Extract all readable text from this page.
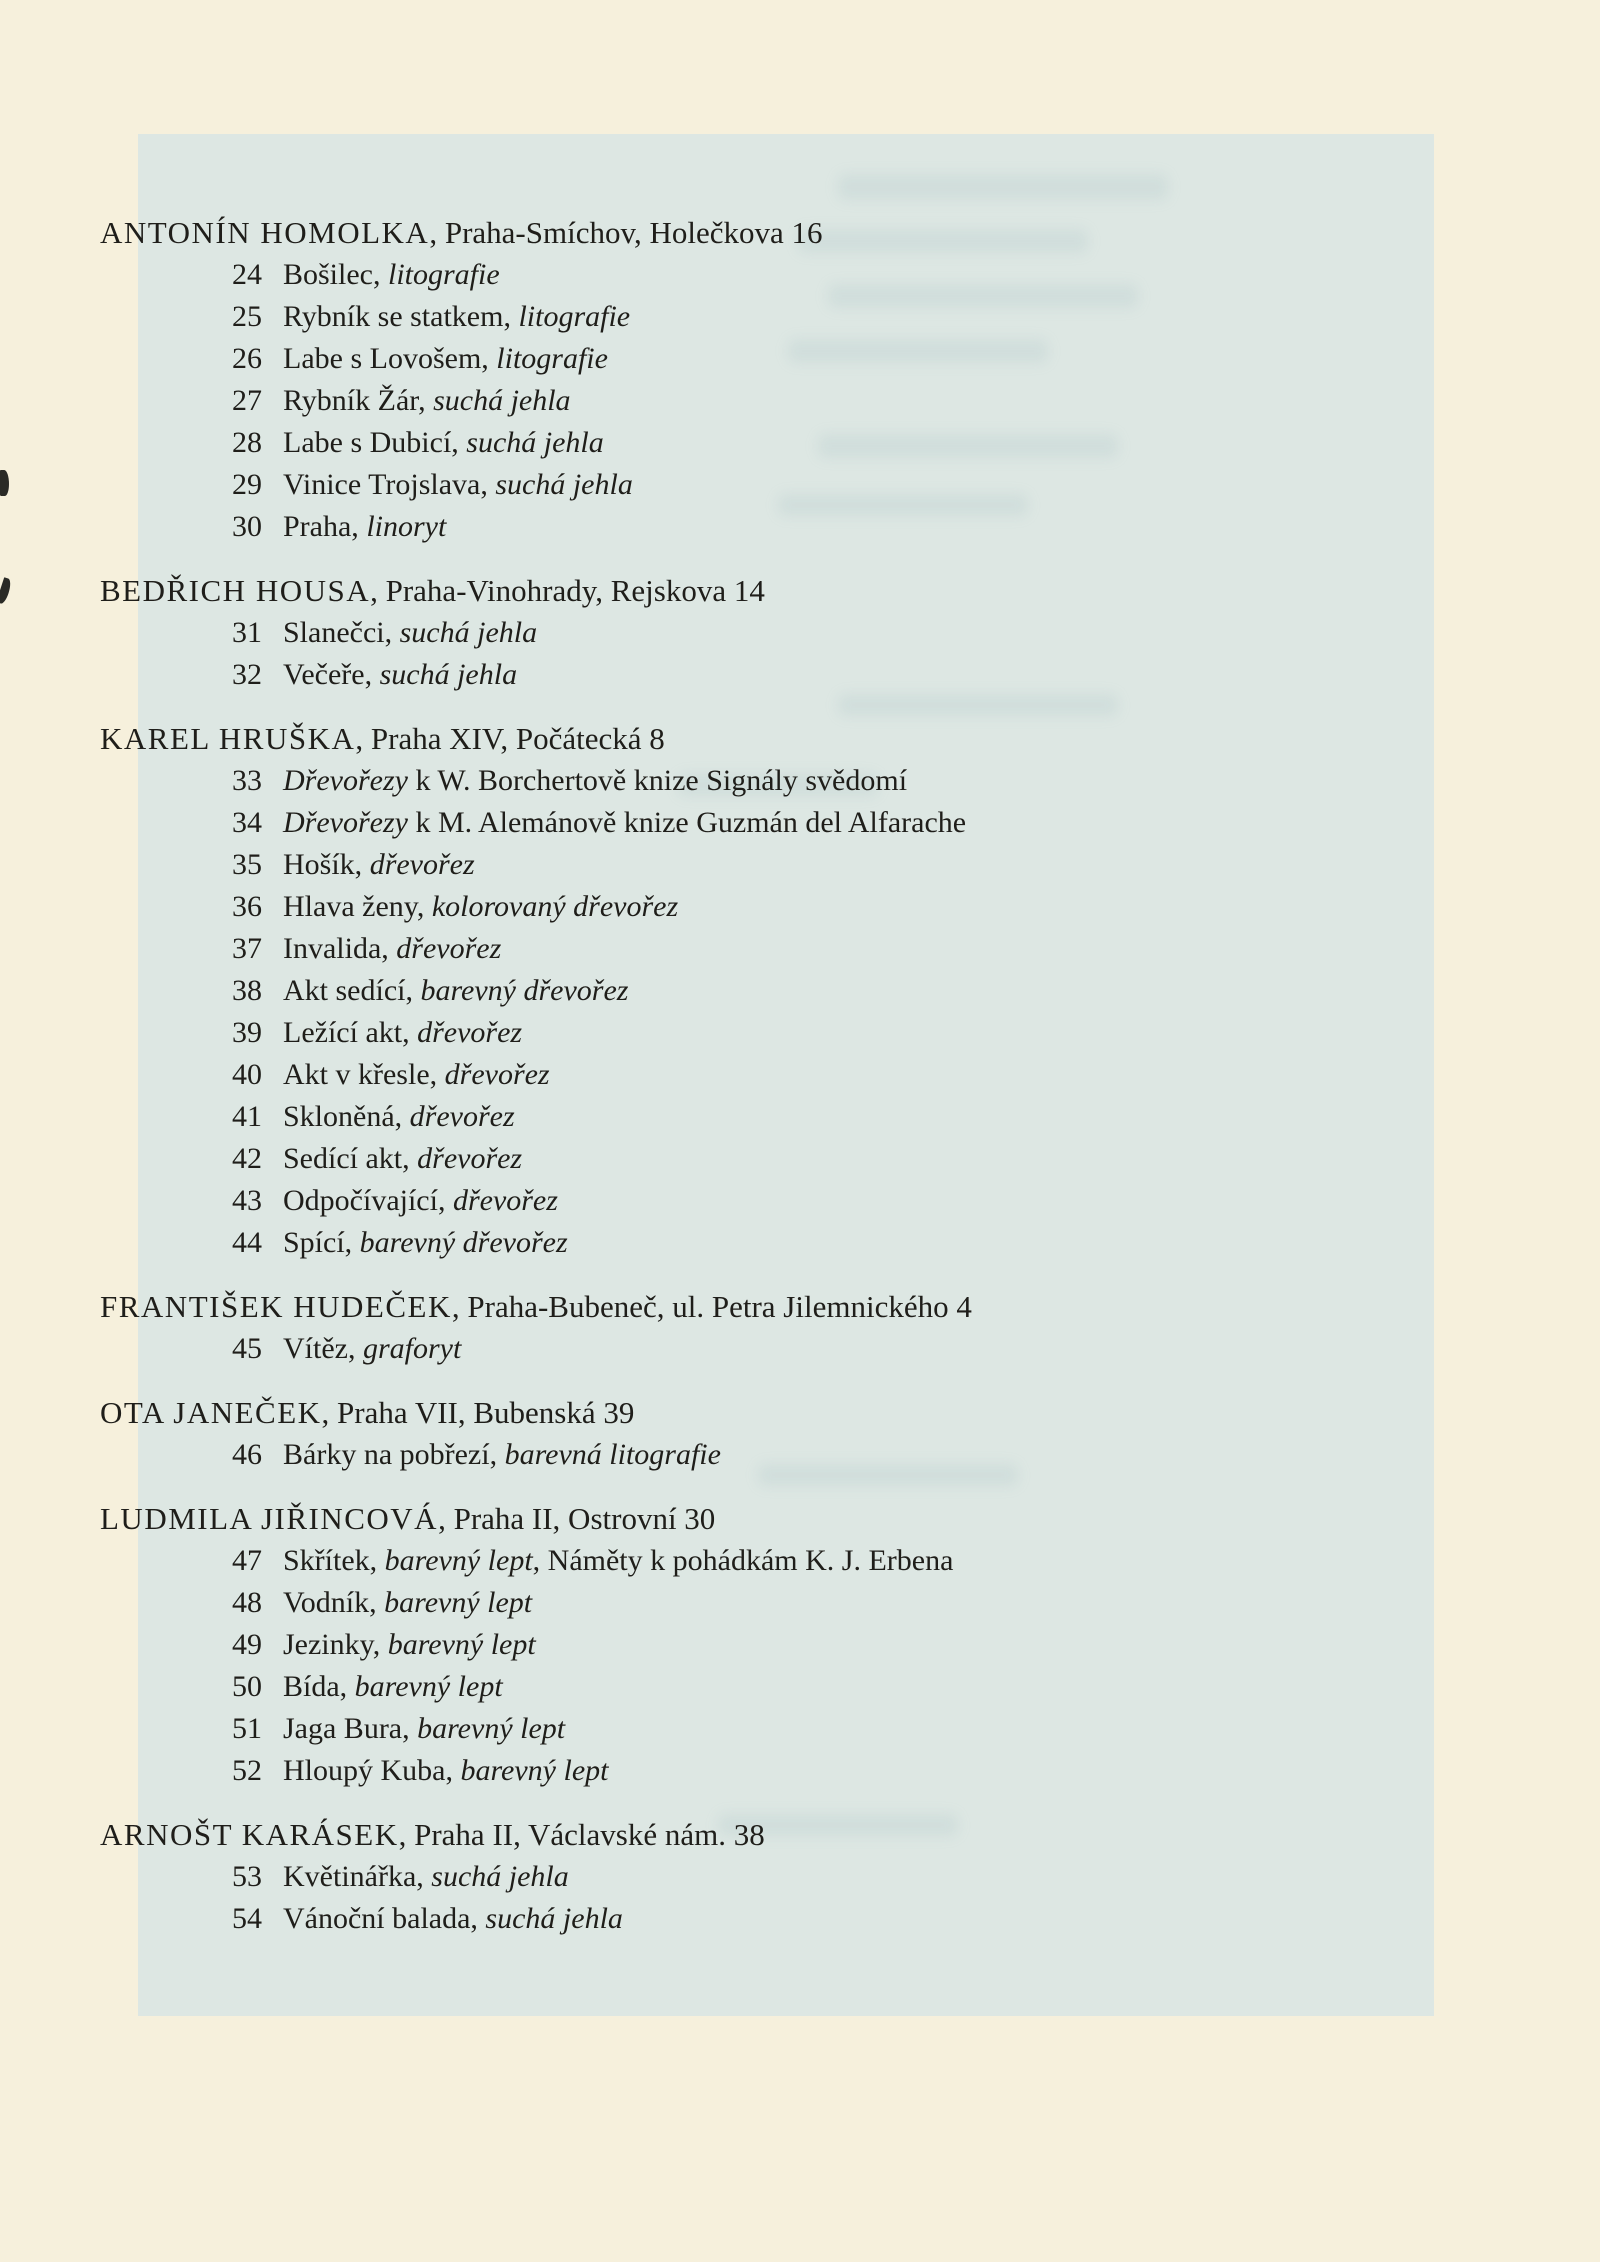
ANTONÍN HOMOLKA, Praha-Smíchov, Holečkova 16
24 Bošilec, litografie
25 Rybník se statkem, litografie
26 Labe s Lovošem, litografie
27 Rybník Žár, suchá jehla
28 Labe s Dubicí, suchá jehla
29 Vinice Trojslava, suchá jehla
30 Praha, linoryt
BEDŘICH HOUSA, Praha-Vinohrady, Rejskova 14
31 Slanečci, suchá jehla
32 Večeře, suchá jehla
KAREL HRUŠKA, Praha XIV, Počátecká 8
33 Dřevořezy k W. Borchertově knize Signály svědomí
34 Dřevořezy k M. Alemánově knize Guzmán del Alfarache
35 Hošík, dřevořez
36 Hlava ženy, kolorovaný dřevořez
37 Invalida, dřevořez
38 Akt sedící, barevný dřevořez
39 Ležící akt, dřevořez
40 Akt v křesle, dřevořez
41 Skloněná, dřevořez
42 Sedící akt, dřevořez
43 Odpočívající, dřevořez
44 Spící, barevný dřevořez
FRANTIŠEK HUDEČEK, Praha-Bubeneč, ul. Petra Jilemnického 4
45 Vítěz, graforyt
OTA JANEČEK, Praha VII, Bubenská 39
46 Bárky na pobřezí, barevná litografie
LUDMILA JIŘINCOVÁ, Praha II, Ostrovní 30
47 Skřítek, barevný lept, Náměty k pohádkám K. J. Erbena
48 Vodník, barevný lept
49 Jezinky, barevný lept
50 Bída, barevný lept
51 Jaga Bura, barevný lept
52 Hloupý Kuba, barevný lept
ARNOŠT KARÁSEK, Praha II, Václavské nám. 38
53 Květinářka, suchá jehla
54 Vánoční balada, suchá jehla
